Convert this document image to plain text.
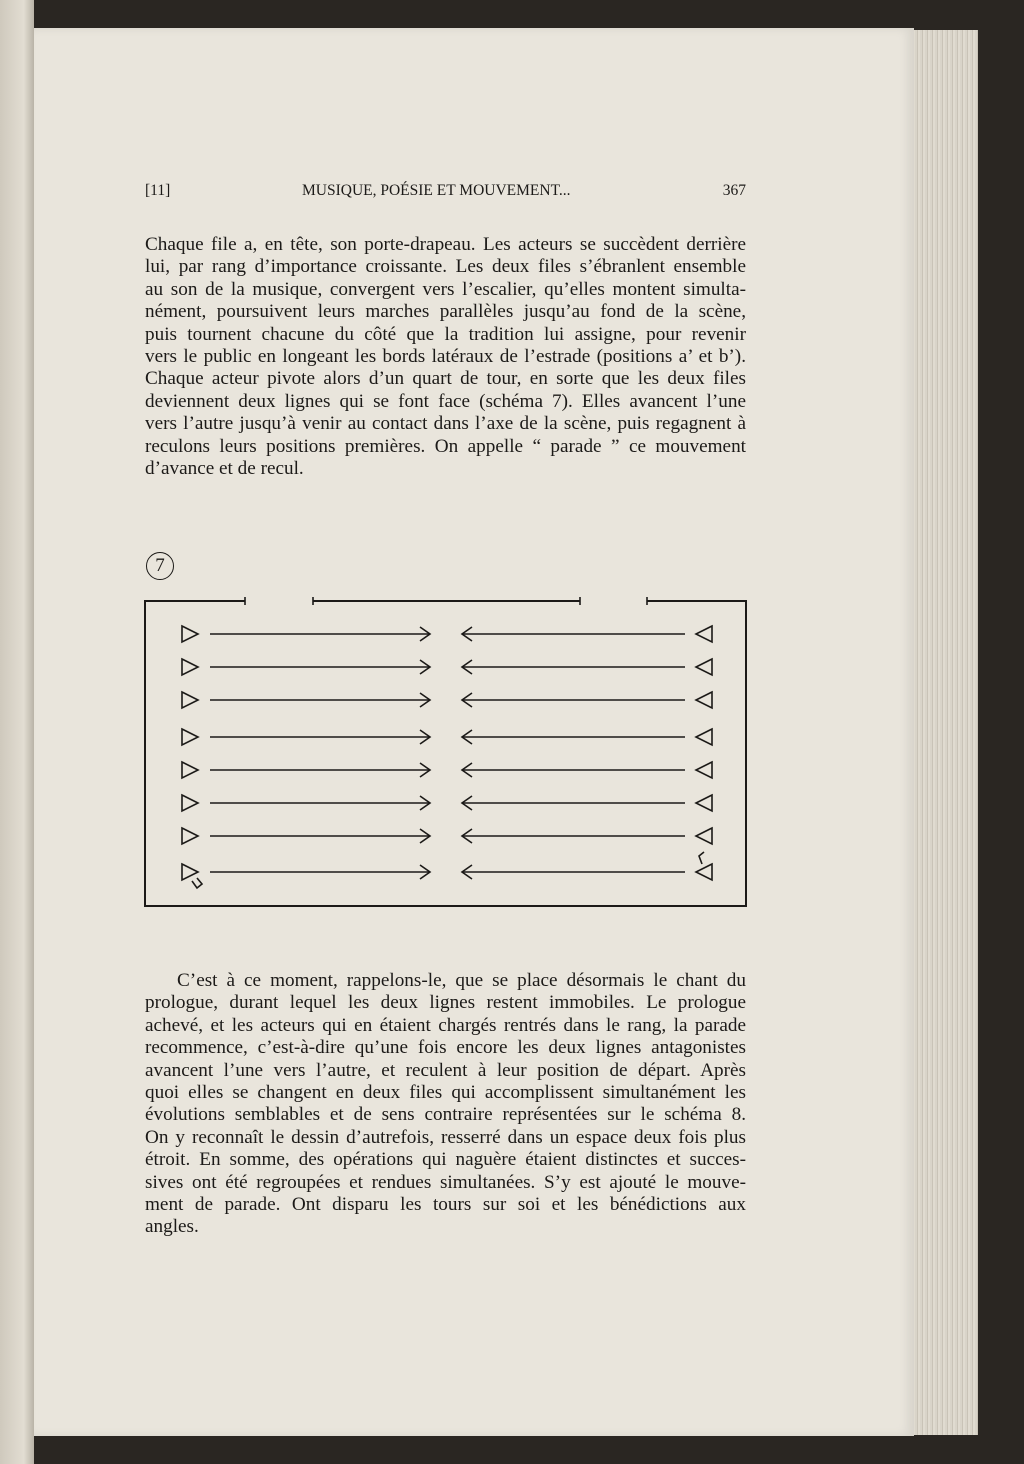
[11]	MUSIQUE, POÉSIE ET MOUVEMENT...	367
Chaque file a, en tête, son porte-drapeau. Les acteurs se succèdent derrière
lui, par rang d’importance croissante. Les deux files s’ébranlent ensemble
au son de la musique, convergent vers l’escalier, qu’elles montent simulta-
nément, poursuivent leurs marches parallèles jusqu’au fond de la scène,
puis tournent chacune du côté que la tradition lui assigne, pour revenir
vers le public en longeant les bords latéraux de l’estrade (positions a’ et b’).
Chaque acteur pivote alors d’un quart de tour, en sorte que les deux files
deviennent deux lignes qui se font face (schéma 7). Elles avancent l’une
vers l’autre jusqu’à venir au contact dans l’axe de la scène, puis regagnent à
reculons leurs positions premières. On appelle “ parade ” ce mouvement
d’avance et de recul.
7
C’est à ce moment, rappelons-le, que se place désormais le chant du
prologue, durant lequel les deux lignes restent immobiles. Le prologue
achevé, et les acteurs qui en étaient chargés rentrés dans le rang, la parade
recommence, c’est-à-dire qu’une fois encore les deux lignes antagonistes
avancent l’une vers l’autre, et reculent à leur position de départ. Après
quoi elles se changent en deux files qui accomplissent simultanément les
évolutions semblables et de sens contraire représentées sur le schéma 8.
On y reconnaît le dessin d’autrefois, resserré dans un espace deux fois plus
étroit. En somme, des opérations qui naguère étaient distinctes et succes-
sives ont été regroupées et rendues simultanées. S’y est ajouté le mouve-
ment de parade. Ont disparu les tours sur soi et les bénédictions aux
angles.
